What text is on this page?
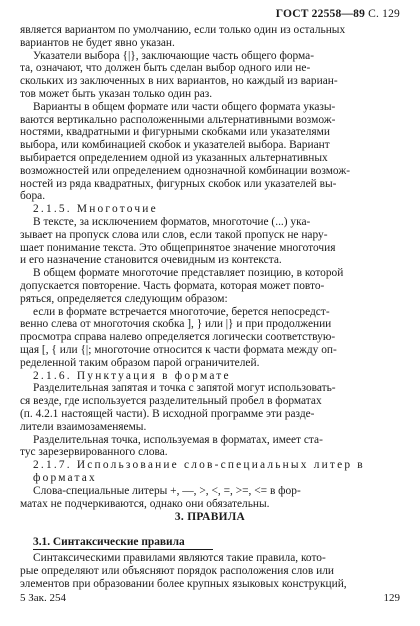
ГОСТ 22558—89 С. 129
является вариантом по умолчанию, если только один из остальных
вариантов не будет явно указан.
Указатели выбора {|}, заключающие часть общего форма-
та, означают, что должен быть сделан выбор одного или не-
скольких из заключенных в них вариантов, но каждый из вариан-
тов может быть указан только один раз.
Варианты в общем формате или части общего формата указы-
ваются вертикально расположенными альтернативными возмож-
ностями, квадратными и фигурными скобками или указателями
выбора, или комбинацией скобок и указателей выбора. Вариант
выбирается определением одной из указанных альтернативных
возможностей или определением однозначной комбинации возмож-
ностей из ряда квадратных, фигурных скобок или указателей вы-
бора.
2.1.5. Многоточие
В тексте, за исключением форматов, многоточие (...) ука-
зывает на пропуск слова или слов, если такой пропуск не нару-
шает понимание текста. Это общепринятое значение многоточия
и его назначение становится очевидным из контекста.
В общем формате многоточие представляет позицию, в которой
допускается повторение. Часть формата, которая может повто-
ряться, определяется следующим образом:
если в формате встречается многоточие, берется непосредст-
венно слева от многоточия скобка ], } или |} и при продолжении
просмотра справа налево определяется логически соответствую-
щая [, { или {|; многоточие относится к части формата между оп-
ределенной таким образом парой ограничителей.
2.1.6. Пунктуация в формате
Разделительная запятая и точка с запятой могут использовать-
ся везде, где используется разделительный пробел в форматах
(п. 4.2.1 настоящей части). В исходной программе эти разде-
лители взаимозаменяемы.
Разделительная точка, используемая в форматах, имеет ста-
тус зарезервированного слова.
2.1.7. Использование слов-специальных литер в
форматах
Слова-специальные литеры +, —, >, <, =, >=, <= в фор-
матах не подчеркиваются, однако они обязательны.
3. ПРАВИЛА
3.1. Синтаксические правила
Синтаксическими правилами являются такие правила, кото-
рые определяют или объясняют порядок расположения слов или
элементов при образовании более крупных языковых конструкций,
5 Зак. 254	129
